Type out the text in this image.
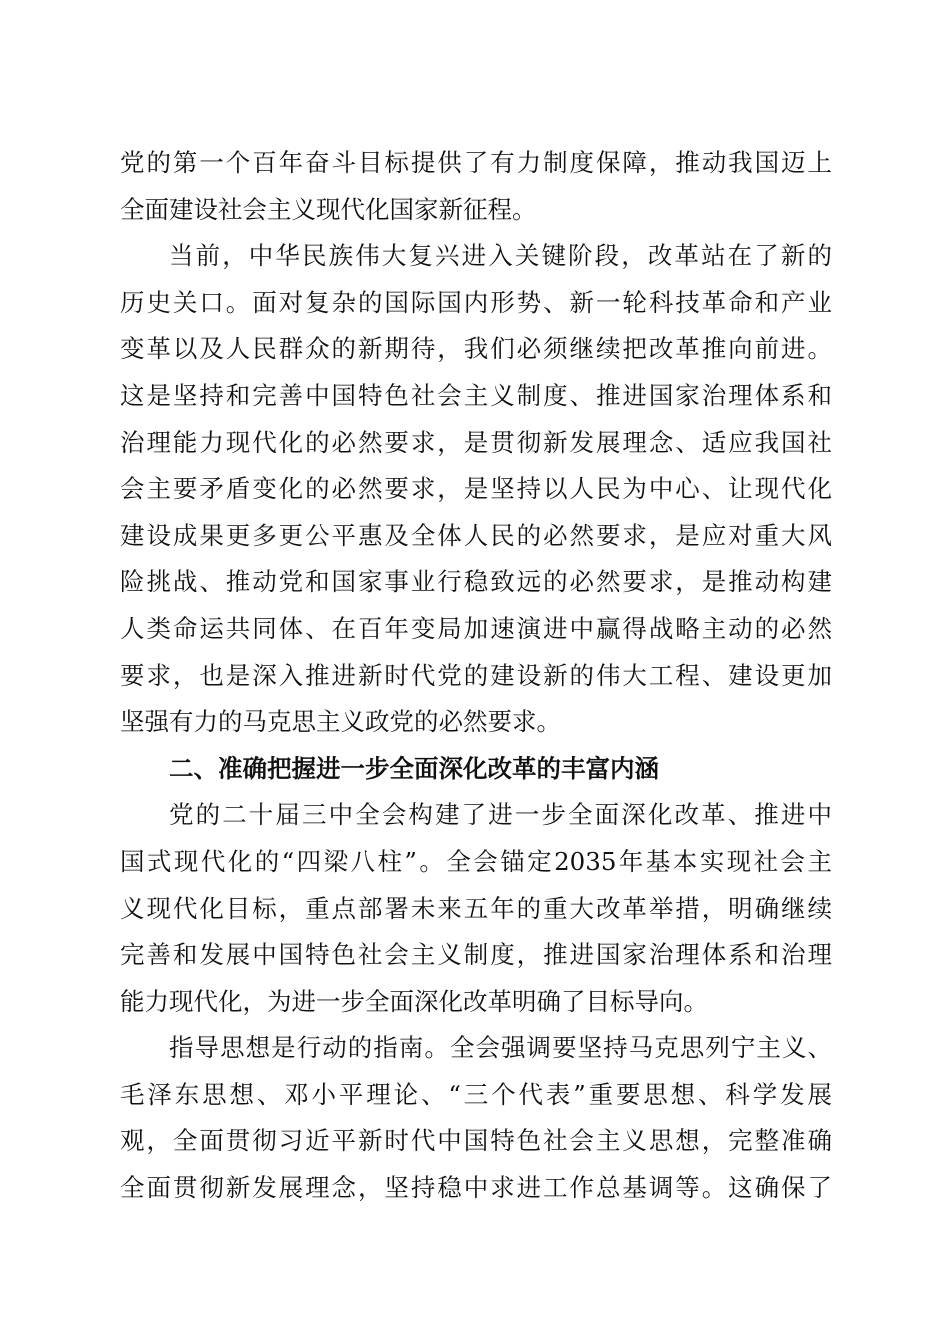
党的第一个百年奋斗目标提供了有力制度保障，推动我国迈上
全面建设社会主义现代化国家新征程。
当前，中华民族伟大复兴进入关键阶段，改革站在了新的
历史关口。面对复杂的国际国内形势、新一轮科技革命和产业
变革以及人民群众的新期待，我们必须继续把改革推向前进。
这是坚持和完善中国特色社会主义制度、推进国家治理体系和
治理能力现代化的必然要求，是贯彻新发展理念、适应我国社
会主要矛盾变化的必然要求，是坚持以人民为中心、让现代化
建设成果更多更公平惠及全体人民的必然要求，是应对重大风
险挑战、推动党和国家事业行稳致远的必然要求，是推动构建
人类命运共同体、在百年变局加速演进中赢得战略主动的必然
要求，也是深入推进新时代党的建设新的伟大工程、建设更加
坚强有力的马克思主义政党的必然要求。
二、准确把握进一步全面深化改革的丰富内涵
党的二十届三中全会构建了进一步全面深化改革、推进中
国式现代化的“四梁八柱”。全会锚定2035年基本实现社会主
义现代化目标，重点部署未来五年的重大改革举措，明确继续
完善和发展中国特色社会主义制度，推进国家治理体系和治理
能力现代化，为进一步全面深化改革明确了目标导向。
指导思想是行动的指南。全会强调要坚持马克思列宁主义、
毛泽东思想、邓小平理论、“三个代表”重要思想、科学发展
观，全面贯彻习近平新时代中国特色社会主义思想，完整准确
全面贯彻新发展理念，坚持稳中求进工作总基调等。这确保了
